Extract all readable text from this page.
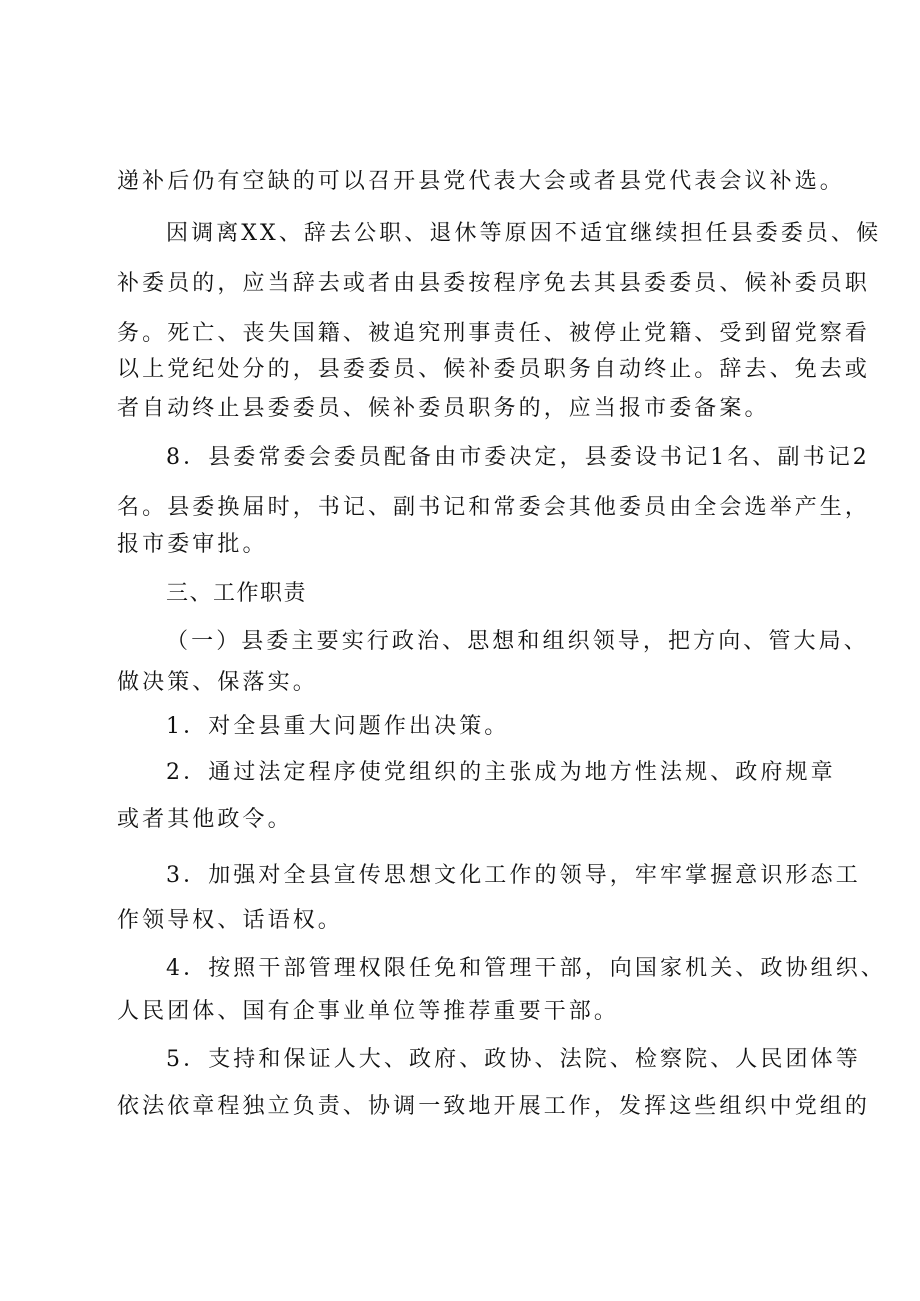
递补后仍有空缺的可以召开县党代表大会或者县党代表会议补选。
因调离XX、辞去公职、退休等原因不适宜继续担任县委委员、候
补委员的，应当辞去或者由县委按程序免去其县委委员、候补委员职
务。死亡、丧失国籍、被追究刑事责任、被停止党籍、受到留党察看
以上党纪处分的，县委委员、候补委员职务自动终止。辞去、免去或
者自动终止县委委员、候补委员职务的，应当报市委备案。
8．县委常委会委员配备由市委决定，县委设书记1名、副书记2
名。县委换届时，书记、副书记和常委会其他委员由全会选举产生，
报市委审批。
三、工作职责
（一）县委主要实行政治、思想和组织领导，把方向、管大局、
做决策、保落实。
1．对全县重大问题作出决策。
2．通过法定程序使党组织的主张成为地方性法规、政府规章
或者其他政令。
3．加强对全县宣传思想文化工作的领导，牢牢掌握意识形态工
作领导权、话语权。
4．按照干部管理权限任免和管理干部，向国家机关、政协组织、
人民团体、国有企事业单位等推荐重要干部。
5．支持和保证人大、政府、政协、法院、检察院、人民团体等
依法依章程独立负责、协调一致地开展工作，发挥这些组织中党组的
